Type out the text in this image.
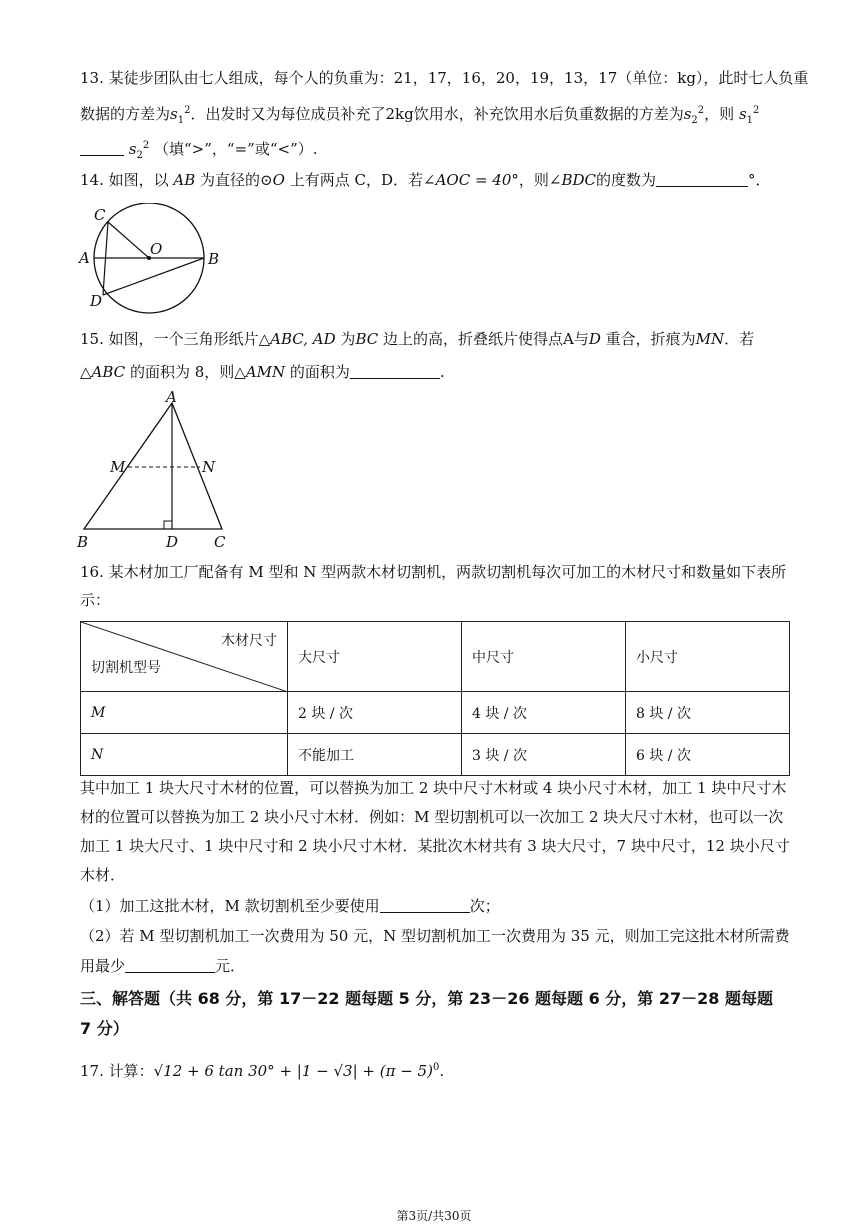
13. 某徒步团队由七人组成，每个人的负重为：21，17，16，20，19，13，17（单位：kg），此时七人负重
数据的方差为$s_1^2$．出发时又为每位成员补充了2kg饮用水，补充饮用水后负重数据的方差为$s_2^2$，则 $s_1^2$
$s_2^2$ （填“>”，“=”或“<”）.
14. 如图，以 AB 为直径的⊙O 上有两点 C，D．若∠AOC = 40°，则∠BDC的度数为	°．
C
O
A	B
D
15. 如图，一个三角形纸片△ABC, AD 为BC 边上的高，折叠纸片使得点A与D 重合，折痕为MN．若
△ABC 的面积为 8，则△AMN 的面积为	.
A
M	N
B	D C
16. 某木材加工厂配备有 M 型和 N 型两款木材切割机，两款切割机每次可加工的木材尺寸和数量如下表所
示：
木材尺寸
切割机型号	大尺寸	中尺寸	小尺寸
M	2 块 / 次	4 块 / 次	8 块 / 次
N	不能加工	3 块 / 次	6 块 / 次
其中加工 1 块大尺寸木材的位置，可以替换为加工 2 块中尺寸木材或 4 块小尺寸木材，加工 1 块中尺寸木
材的位置可以替换为加工 2 块小尺寸木材．例如：M 型切割机可以一次加工 2 块大尺寸木材，也可以一次
加工 1 块大尺寸、1 块中尺寸和 2 块小尺寸木材．某批次木材共有 3 块大尺寸，7 块中尺寸，12 块小尺寸
木材．
（1）加工这批木材，M 款切割机至少要使用	次；
（2）若 M 型切割机加工一次费用为 50 元，N 型切割机加工一次费用为 35 元，则加工完这批木材所需费
用最少	元．
三、解答题（共 68 分，第 17－22 题每题 5 分，第 23－26 题每题 6 分，第 27－28 题每题 7 分）
17. 计算：√12 + 6 $\tan 30^\circ + |1 - √3| + (\pi - 5)^0$.
第3页/共30页
